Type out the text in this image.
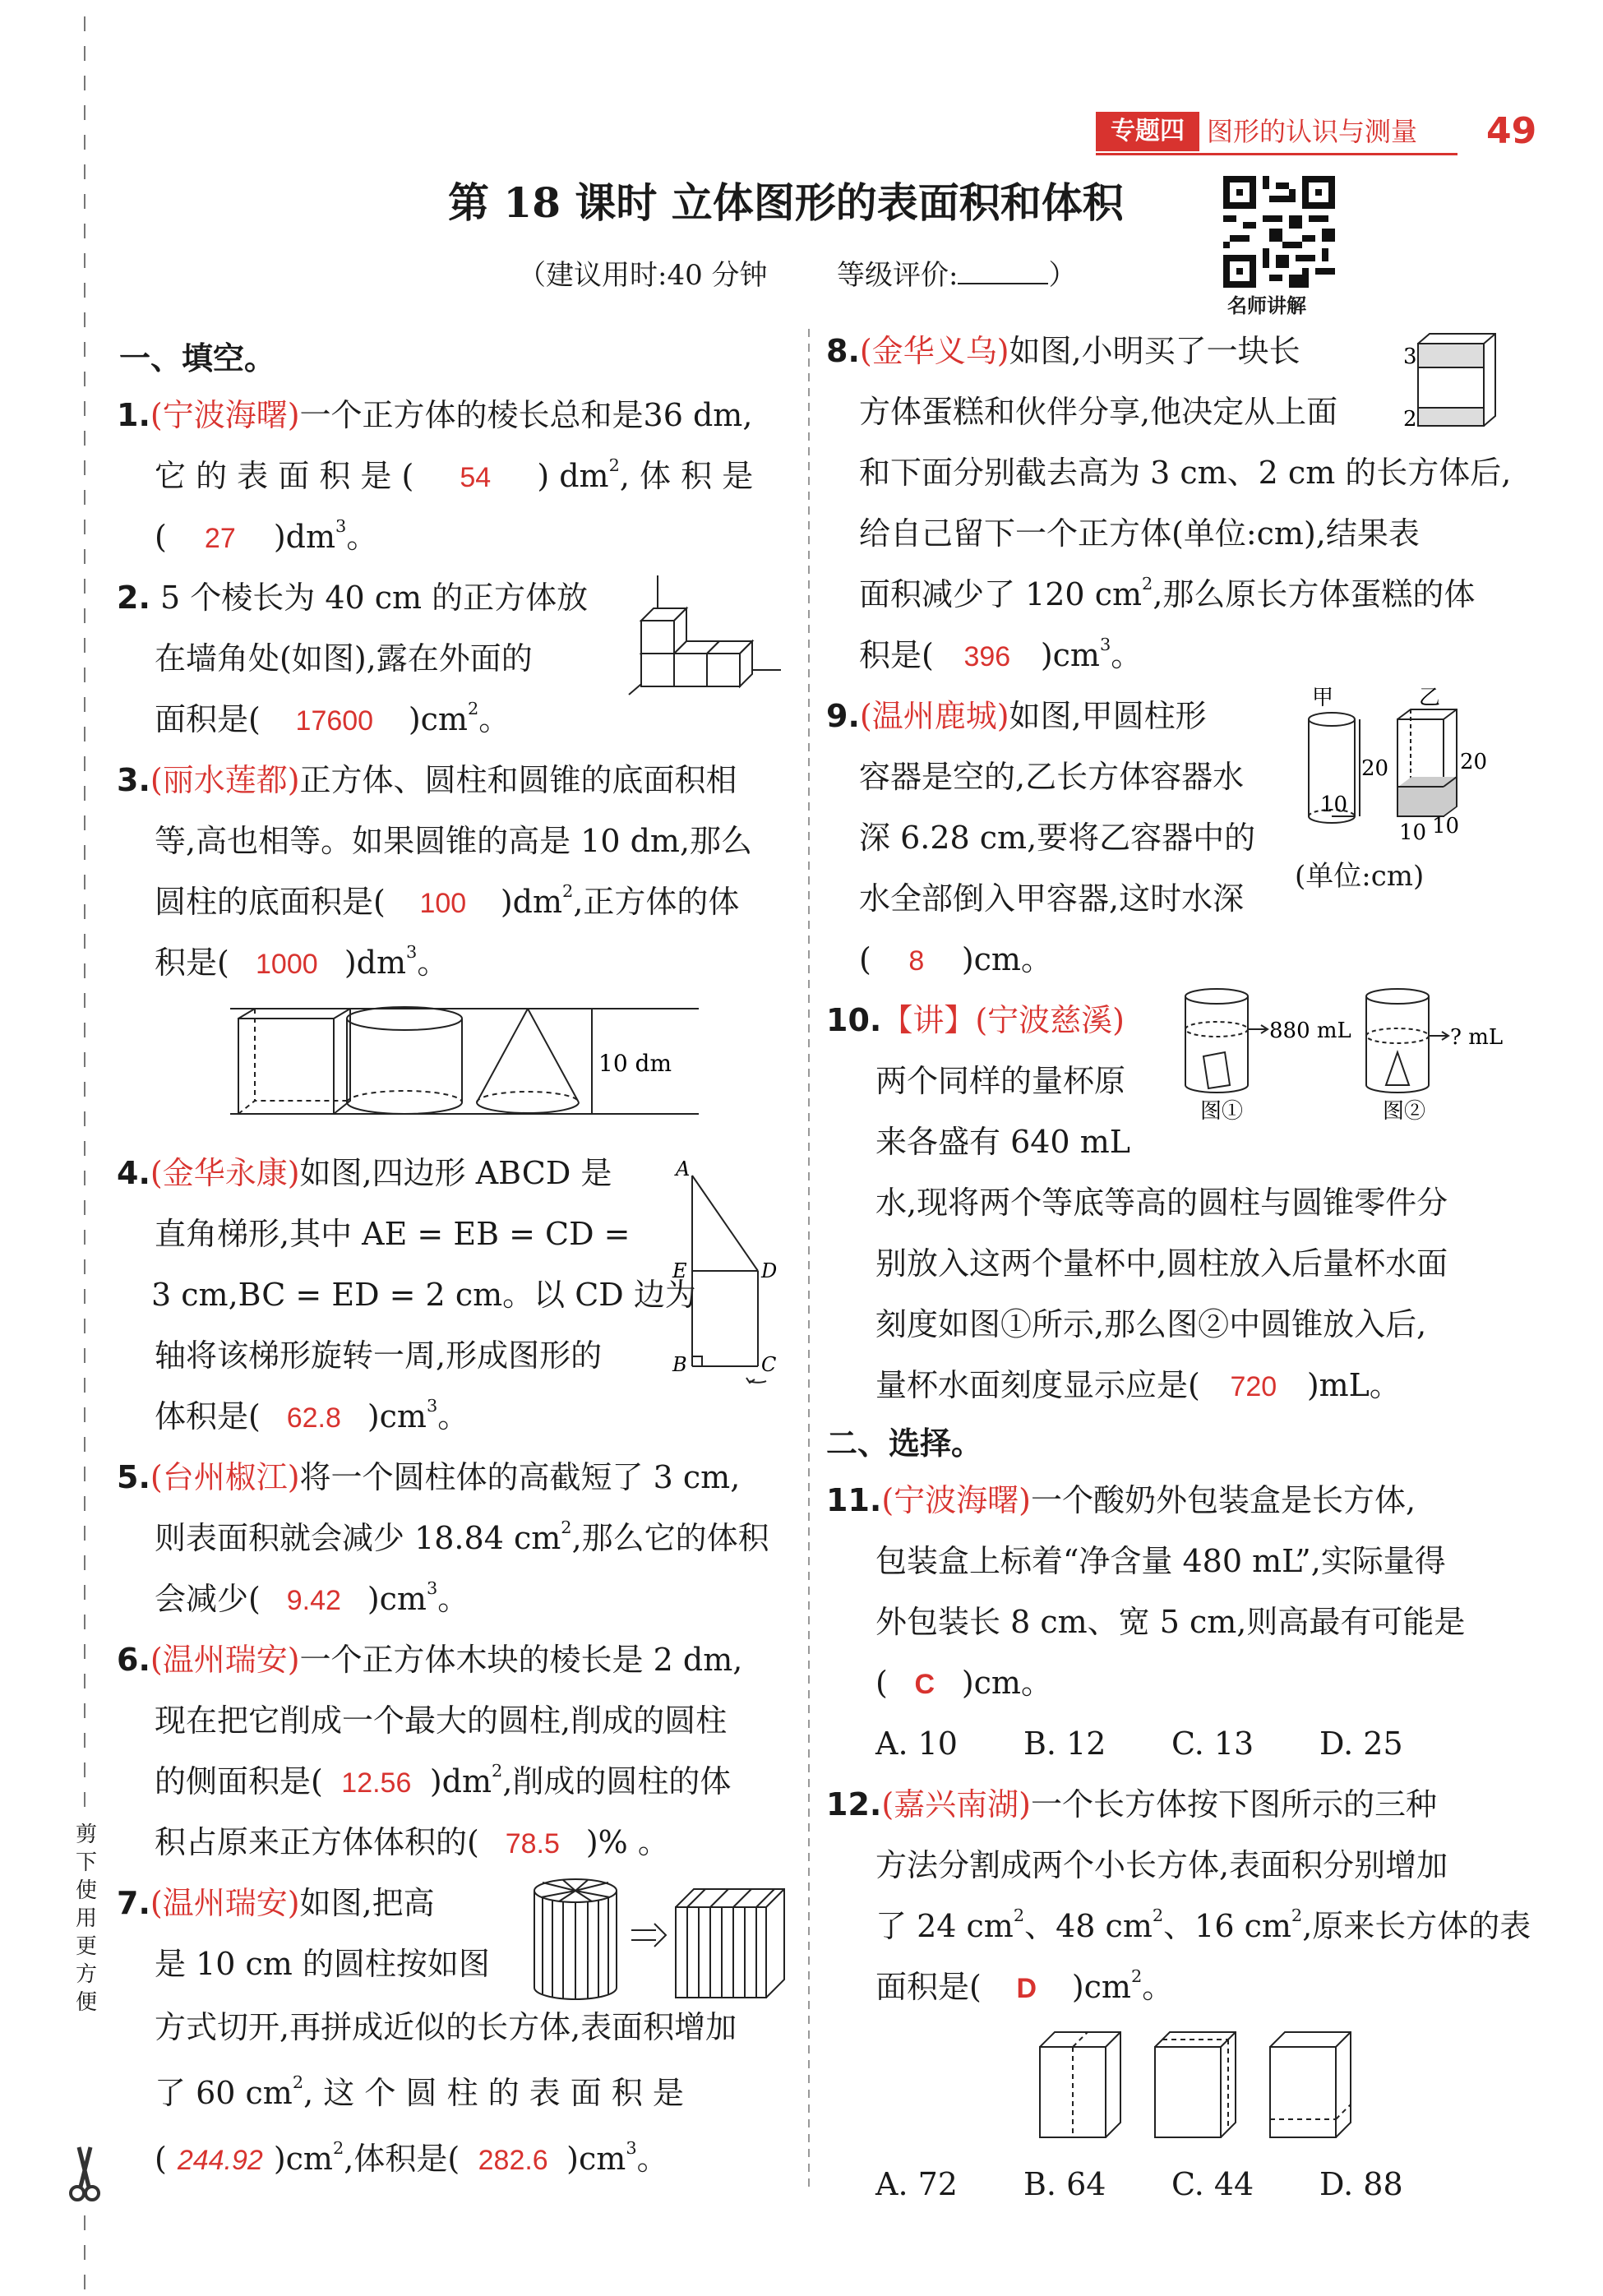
剪
下
使
用
更
方
便
专题四 图形的认识与测量 49
第 18 课时 立体图形的表面积和体积
（建议用时:40 分钟 等级评价:	）
名师讲解
一、填空。
1.(宁波海曙)一个正方体的棱长总和是36 dm,
它 的 表 面 积 是 ( 54 ) $dm^2$, 体 积 是
( 27 )$dm^3$。
2. 5 个棱长为 40 cm 的正方体放
在墙角处(如图),露在外面的
面积是( 17600 )$cm^2$。
3.(丽水莲都)正方体、圆柱和圆锥的底面积相
等,高也相等。如果圆锥的高是 10 dm,那么
圆柱的底面积是( 100 )$dm^2$,正方体的体
积是( 1000 )$dm^3$。
10 dm
4.(金华永康)如图,四边形 ABCD 是
直角梯形,其中 AE = EB = CD =
3 cm,BC = ED = 2 cm。以 CD 边为
轴将该梯形旋转一周,形成图形的
体积是( 62.8 )$cm^3$。
A
E	D
B	C
5.(台州椒江)将一个圆柱体的高截短了 3 cm,
则表面积就会减少 18.84 $cm^2$,那么它的体积
会减少( 9.42 )$cm^3$。
6.(温州瑞安)一个正方体木块的棱长是 2 dm,
现在把它削成一个最大的圆柱,削成的圆柱
的侧面积是( 12.56 )$dm^2$,削成的圆柱的体
积占原来正方体体积的( 78.5 )% 。
7.(温州瑞安)如图,把高
是 10 cm 的圆柱按如图
方式切开,再拼成近似的长方体,表面积增加
了 60 $cm^2$, 这 个 圆 柱 的 表 面 积 是
( 244.92 )$cm^2$,体积是( 282.6 )$cm^3$。
8.(金华义乌)如图,小明买了一块长
方体蛋糕和伙伴分享,他决定从上面
和下面分别截去高为 3 cm、2 cm 的长方体后,
给自己留下一个正方体(单位:cm),结果表
面积减少了 120 $cm^2$,那么原长方体蛋糕的体
积是( 396 )$cm^3$。
3
2
9.(温州鹿城)如图,甲圆柱形
容器是空的,乙长方体容器水
深 6.28 cm,要将乙容器中的
水全部倒入甲容器,这时水深
( 8 )cm。
甲	乙
20
10
20
10 10
(单位:cm)
10.【讲】(宁波慈溪)
两个同样的量杯原
来各盛有 640 mL
水,现将两个等底等高的圆柱与圆锥零件分
别放入这两个量杯中,圆柱放入后量杯水面
刻度如图①所示,那么图②中圆锥放入后,
量杯水面刻度显示应是( 720 )mL。
880 mL	? mL
图①	图②
二、选择。
11.(宁波海曙)一个酸奶外包装盒是长方体,
包装盒上标着“净含量 480 mL”,实际量得
外包装长 8 cm、宽 5 cm,则高最有可能是
( C )cm。
A. 10 B. 12 C. 13 D. 25
12.(嘉兴南湖)一个长方体按下图所示的三种
方法分割成两个小长方体,表面积分别增加
了 24 $cm^2$、48 $cm^2$、16 $cm^2$,原来长方体的表
面积是( D )$cm^2$。
A. 72 B. 64 C. 44 D. 88
